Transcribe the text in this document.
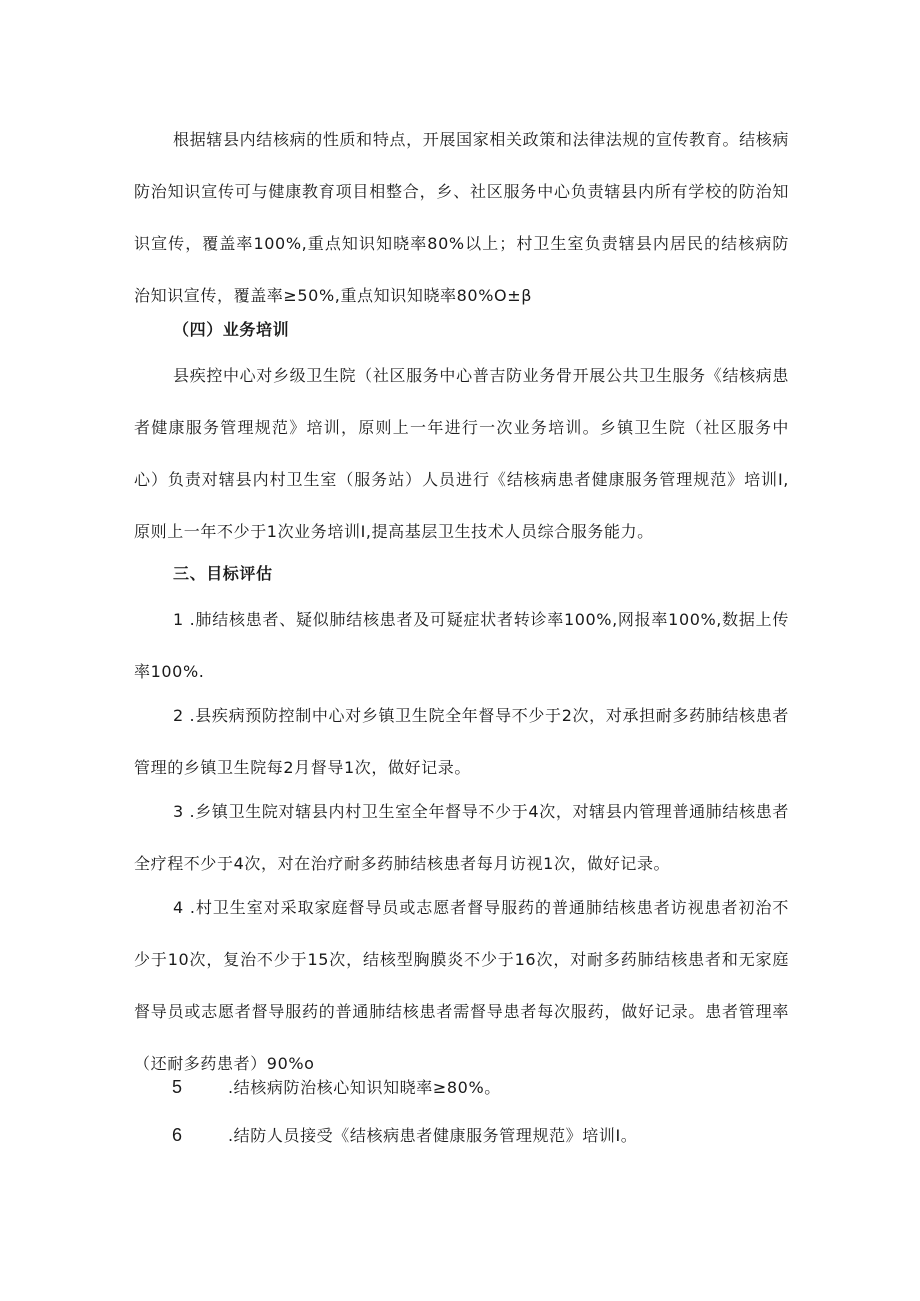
根据辖县内结核病的性质和特点，开展国家相关政策和法律法规的宣传教育。结核病防治知识宣传可与健康教育项目相整合，乡、社区服务中心负责辖县内所有学校的防治知识宣传，覆盖率100%,重点知识知晓率80%以上；村卫生室负责辖县内居民的结核病防治知识宣传，覆盖率≥50%,重点知识知晓率80%O±β

（四）业务培训

县疾控中心对乡级卫生院（社区服务中心普吉防业务骨开展公共卫生服务《结核病患者健康服务管理规范》培训，原则上一年进行一次业务培训。乡镇卫生院（社区服务中心）负责对辖县内村卫生室（服务站）人员进行《结核病患者健康服务管理规范》培训I,原则上一年不少于1次业务培训I,提高基层卫生技术人员综合服务能力。

三、目标评估

1 .肺结核患者、疑似肺结核患者及可疑症状者转诊率100%,网报率100%,数据上传率100%.

2 .县疾病预防控制中心对乡镇卫生院全年督导不少于2次，对承担耐多药肺结核患者管理的乡镇卫生院每2月督导1次，做好记录。

3 .乡镇卫生院对辖县内村卫生室全年督导不少于4次，对辖县内管理普通肺结核患者全疗程不少于4次，对在治疗耐多药肺结核患者每月访视1次，做好记录。

4 .村卫生室对采取家庭督导员或志愿者督导服药的普通肺结核患者访视患者初治不少于10次，复治不少于15次，结核型胸膜炎不少于16次，对耐多药肺结核患者和无家庭督导员或志愿者督导服药的普通肺结核患者需督导患者每次服药，做好记录。患者管理率（还耐多药患者）90%o

5	.结核病防治核心知识知晓率≥80%。
6	.结防人员接受《结核病患者健康服务管理规范》培训I。
